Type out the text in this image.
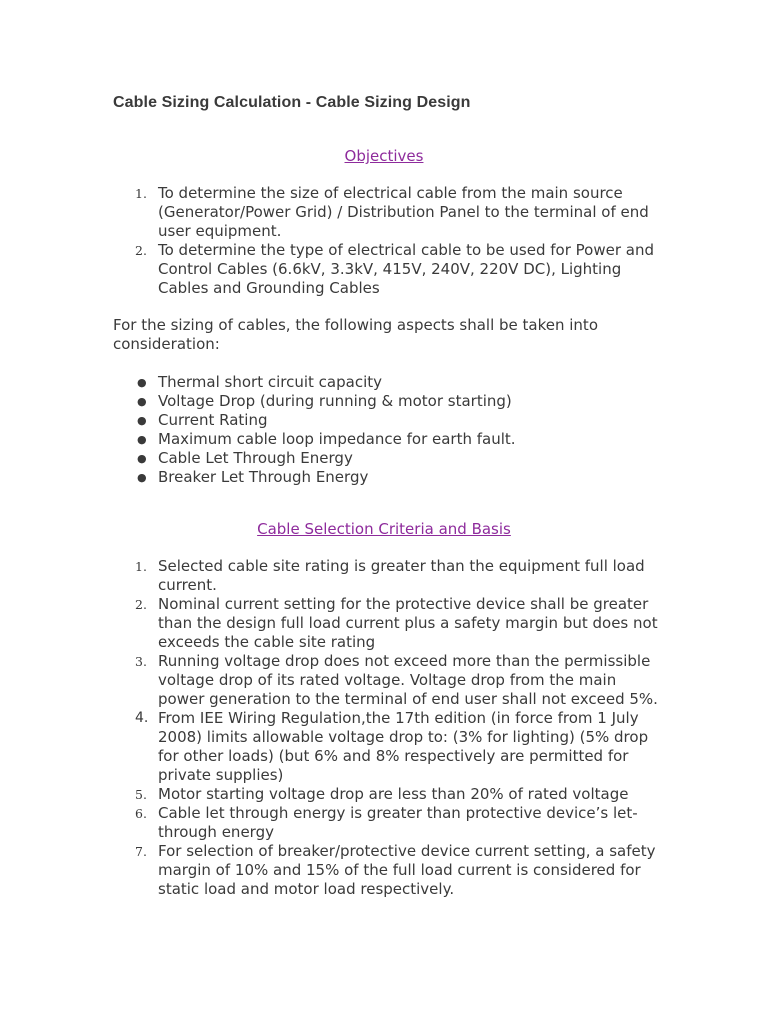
Cable Sizing Calculation - Cable Sizing Design
Objectives
1. To determine the size of electrical cable from the main source (Generator/Power Grid) / Distribution Panel to the terminal of end user equipment.
2. To determine the type of electrical cable to be used for Power and Control Cables (6.6kV, 3.3kV, 415V, 240V, 220V DC), Lighting Cables and Grounding Cables

For the sizing of cables, the following aspects shall be taken into consideration:

● Thermal short circuit capacity
● Voltage Drop (during running & motor starting)
● Current Rating
● Maximum cable loop impedance for earth fault.
● Cable Let Through Energy
● Breaker Let Through Energy
Cable Selection Criteria and Basis
1. Selected cable site rating is greater than the equipment full load current.
2. Nominal current setting for the protective device shall be greater than the design full load current plus a safety margin but does not exceeds the cable site rating
3. Running voltage drop does not exceed more than the permissible voltage drop of its rated voltage. Voltage drop from the main power generation to the terminal of end user shall not exceed 5%.
4. From IEE Wiring Regulation,the 17th edition (in force from 1 July 2008) limits allowable voltage drop to: (3% for lighting) (5% drop for other loads) (but 6% and 8% respectively are permitted for private supplies)
5. Motor starting voltage drop are less than 20% of rated voltage
6. Cable let through energy is greater than protective device’s let-through energy
7. For selection of breaker/protective device current setting, a safety margin of 10% and 15% of the full load current is considered for static load and motor load respectively.
